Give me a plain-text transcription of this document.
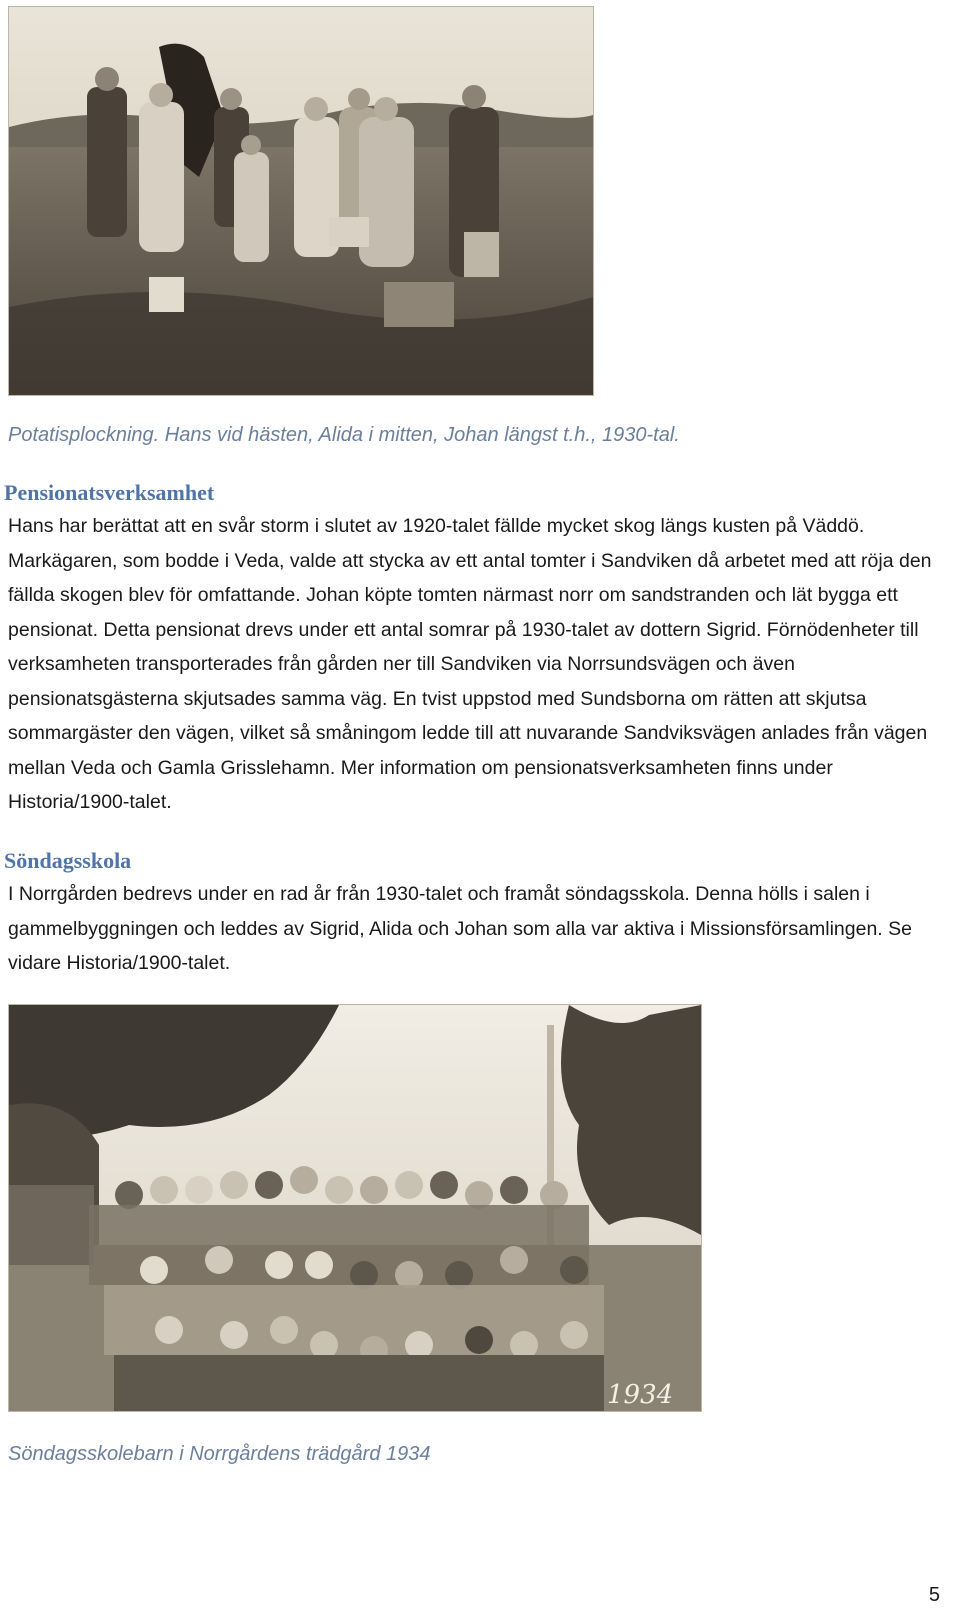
Potatisplockning. Hans vid hästen, Alida i mitten, Johan längst t.h., 1930-tal.
Pensionatsverksamhet

Hans har berättat att en svår storm i slutet av 1920-talet fällde mycket skog längs kusten på Väddö. Markägaren, som bodde i Veda, valde att stycka av ett antal tomter i Sandviken då arbetet med att röja den fällda skogen blev för omfattande. Johan köpte tomten närmast norr om sandstranden och lät bygga ett pensionat. Detta pensionat drevs under ett antal somrar på 1930-talet av dottern Sigrid. Förnödenheter till verksamheten transporterades från gården ner till Sandviken via Norrsundsvägen och även pensionatsgästerna skjutsades samma väg. En tvist uppstod med Sundsborna om rätten att skjutsa sommargäster den vägen, vilket så småningom ledde till att nuvarande Sandviksvägen anlades från vägen mellan Veda och Gamla Grisslehamn. Mer information om pensionatsverksamheten finns under Historia/1900-talet.

Söndagsskola

I Norrgården bedrevs under en rad år från 1930-talet och framåt söndagsskola. Denna hölls i salen i gammelbyggningen och leddes av Sigrid, Alida och Johan som alla var aktiva i Missionsförsamlingen. Se vidare Historia/1900-talet.

1934
Söndagsskolebarn i Norrgårdens trädgård 1934
5
